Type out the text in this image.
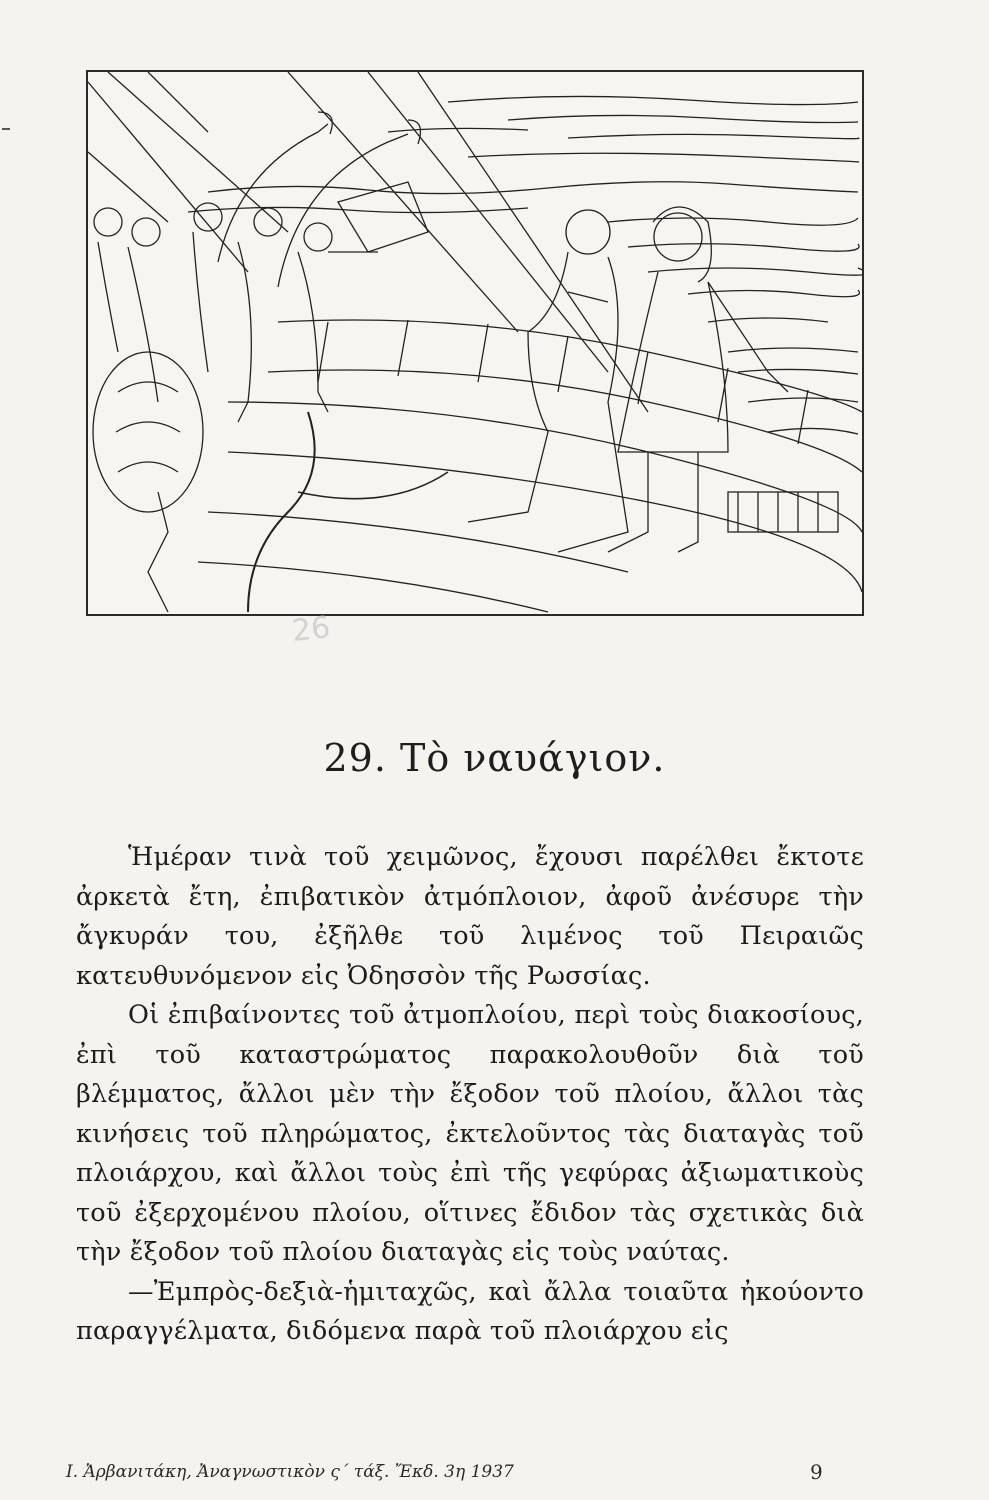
26
29. Τὸ ναυάγιον.

Ἡμέραν τινὰ τοῦ χειμῶνος, ἔχουσι παρέλθει ἔκτοτε ἀρκετὰ ἔτη, ἐπιβατικὸν ἀτμόπλοιον, ἀφοῦ ἀνέσυρε τὴν ἄγκυράν του, ἐξῆλθε τοῦ λιμένος τοῦ Πειραιῶς κατευθυνόμενον εἰς Ὀδησσὸν τῆς Ρωσσίας.

Οἱ ἐπιβαίνοντες τοῦ ἀτμοπλοίου, περὶ τοὺς διακοσίους, ἐπὶ τοῦ καταστρώματος παρακολουθοῦν διὰ τοῦ βλέμματος, ἄλλοι μὲν τὴν ἔξοδον τοῦ πλοίου, ἄλλοι τὰς κινήσεις τοῦ πληρώματος, ἐκτελοῦντος τὰς διαταγὰς τοῦ πλοιάρχου, καὶ ἄλλοι τοὺς ἐπὶ τῆς γεφύρας ἀξιωματικοὺς τοῦ ἐξερχομένου πλοίου, οἵτινες ἔδιδον τὰς σχετικὰς διὰ τὴν ἔξοδον τοῦ πλοίου διαταγὰς εἰς τοὺς ναύτας.

—Ἐμπρὸς-δεξιὰ-ἡμιταχῶς, καὶ ἄλλα τοιαῦτα ἠκούοντο παραγγέλματα, διδόμενα παρὰ τοῦ πλοιάρχου εἰς

Ι. Ἀρβανιτάκη, Ἀναγνωστικὸν ς΄ τάξ. Ἔκδ. 3η 1937	9
